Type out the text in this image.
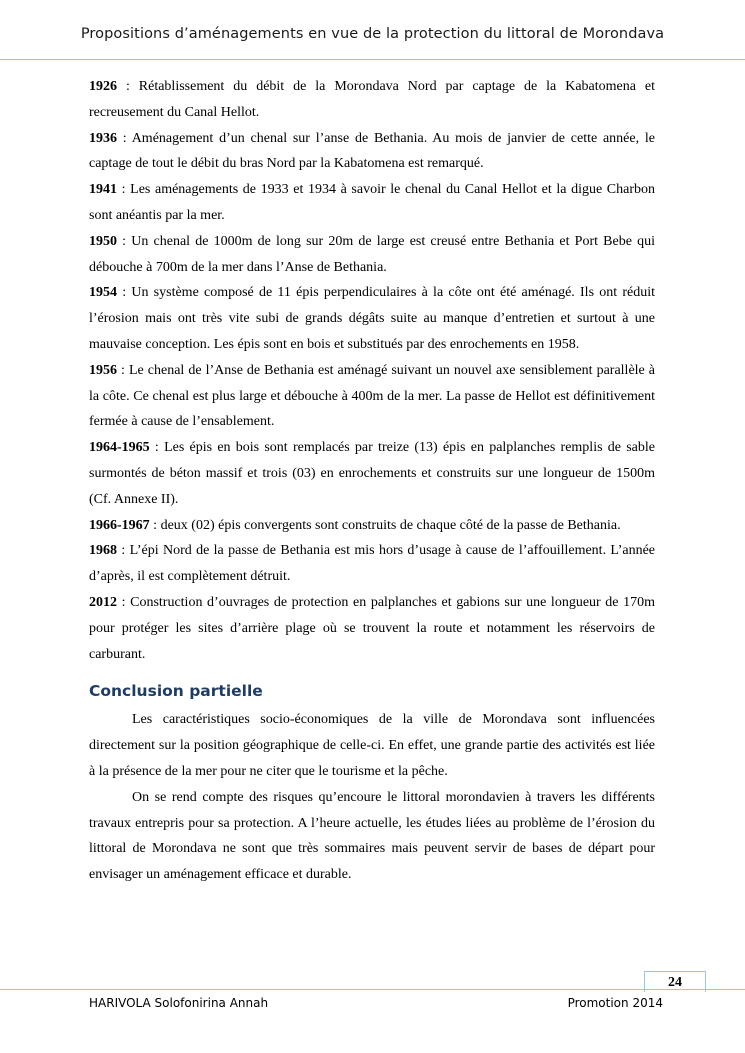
Propositions d’aménagements en vue de la protection du littoral de Morondava

1926 : Rétablissement du débit de la Morondava Nord par captage de la Kabatomena et recreusement du Canal Hellot.

1936 : Aménagement d’un chenal sur l’anse de Bethania. Au mois de janvier de cette année, le captage de tout le débit du bras Nord par la Kabatomena est remarqué.

1941 : Les aménagements de 1933 et 1934 à savoir le chenal du Canal Hellot et la digue Charbon sont anéantis par la mer.

1950 : Un chenal de 1000m de long sur 20m de large est creusé entre Bethania et Port Bebe qui débouche à 700m de la mer dans l’Anse de Bethania.

1954 : Un système composé de 11 épis perpendiculaires à la côte ont été aménagé. Ils ont réduit l’érosion mais ont très vite subi de grands dégâts suite au manque d’entretien et surtout à une mauvaise conception. Les épis sont en bois et substitués par des enrochements en 1958.

1956 : Le chenal de l’Anse de Bethania est aménagé suivant un nouvel axe sensiblement parallèle à la côte. Ce chenal est plus large et débouche à 400m de la mer. La passe de Hellot est définitivement fermée à cause de l’ensablement.

1964-1965 : Les épis en bois sont remplacés par treize (13) épis en palplanches remplis de sable surmontés de béton massif et trois (03) en enrochements et construits sur une longueur de 1500m (Cf. Annexe II).

1966-1967 : deux (02) épis convergents sont construits de chaque côté de la passe de Bethania.

1968 : L’épi Nord de la passe de Bethania est mis hors d’usage à cause de l’affouillement. L’année d’après, il est complètement détruit.

2012 : Construction d’ouvrages de protection en palplanches et gabions sur une longueur de 170m pour protéger les sites d’arrière plage où se trouvent la route et notamment les réservoirs de carburant.

Conclusion partielle

Les caractéristiques socio-économiques de la ville de Morondava sont influencées directement sur la position géographique de celle-ci. En effet, une grande partie des activités est liée à la présence de la mer pour ne citer que le tourisme et la pêche.

On se rend compte des risques qu’encoure le littoral morondavien à travers les différents travaux entrepris pour sa protection. A l’heure actuelle, les études liées au problème de l’érosion du littoral de Morondava ne sont que très sommaires mais peuvent servir de bases de départ pour envisager un aménagement efficace et durable.

24
HARIVOLA Solofonirina Annah	Promotion 2014
